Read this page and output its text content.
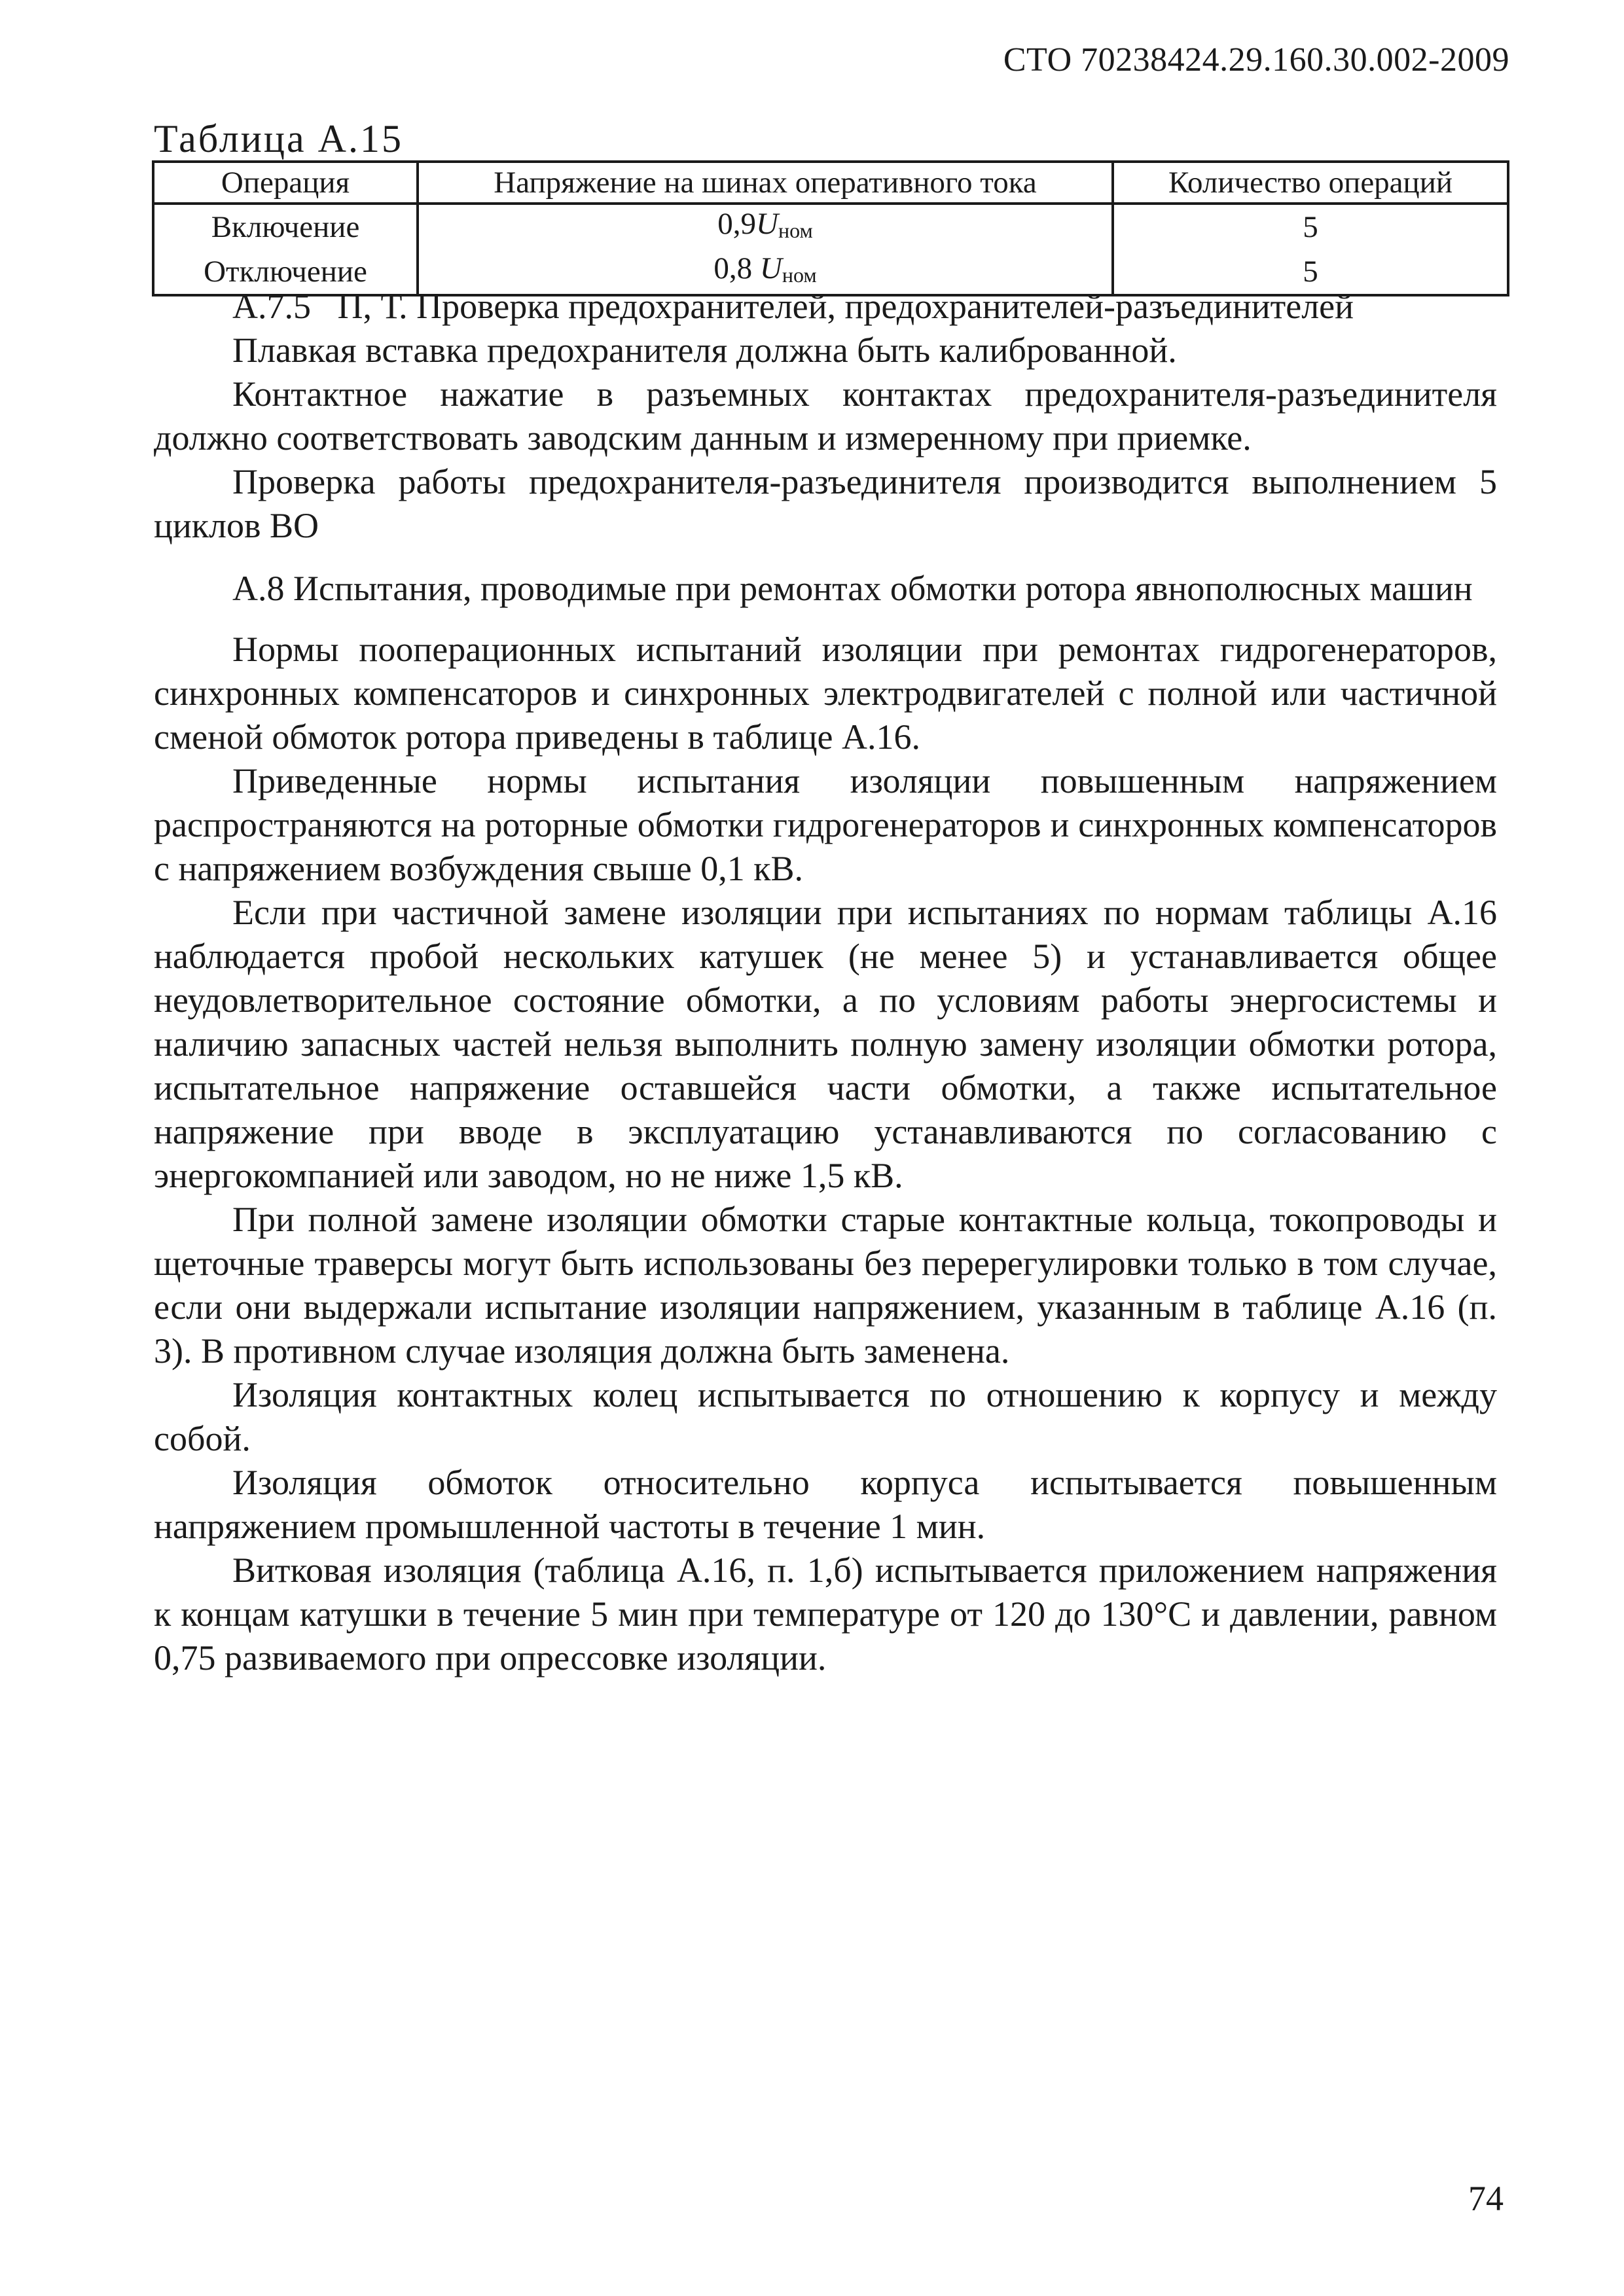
СТО 70238424.29.160.30.002-2009
Таблица А.15
Операция	Напряжение на шинах оперативного тока	Количество операций
Включение	0,9Uном	5
Отключение	0,8 Uном	5

А.7.5   П, Т. Проверка предохранителей, предохранителей-разъединителей

Плавкая вставка предохранителя должна быть калиброванной.

Контактное нажатие в разъемных контактах предохранителя-разъединителя должно соответствовать заводским данным и измеренному при приемке.

Проверка работы предохранителя-разъединителя производится выполнением 5 циклов ВО

А.8 Испытания, проводимые при ремонтах обмотки ротора явнополюсных машин

Нормы пооперационных испытаний изоляции при ремонтах гидрогенераторов, синхронных компенсаторов и синхронных электродвигателей с полной или частичной сменой обмоток ротора приведены в таблице А.16.

Приведенные нормы испытания изоляции повышенным напряжением распространяются на роторные обмотки гидрогенераторов и синхронных компенсаторов с напряжением возбуждения свыше 0,1 кВ.

Если при частичной замене изоляции при испытаниях по нормам таблицы А.16 наблюдается пробой нескольких катушек (не менее 5) и устанавливается общее неудовлетворительное состояние обмотки, а по условиям работы энергосистемы и наличию запасных частей нельзя выполнить полную замену изоляции обмотки ротора, испытательное напряжение оставшейся части обмотки, а также испытательное напряжение при вводе в эксплуатацию устанавливаются по согласованию с энергокомпанией или заводом, но не ниже 1,5 кВ.

При полной замене изоляции обмотки старые контактные кольца, токопроводы и щеточные траверсы могут быть использованы без перерегулировки только в том случае, если они выдержали испытание изоляции напряжением, указанным в таблице А.16 (п. 3). В противном случае изоляция должна быть заменена.

Изоляция контактных колец испытывается по отношению к корпусу и между собой.

Изоляция обмоток относительно корпуса испытывается повышенным напряжением промышленной частоты в течение 1 мин.

Витковая изоляция (таблица А.16, п. 1,б) испытывается приложением напряжения к концам катушки в течение 5 мин при температуре от 120 до 130°С и давлении, равном 0,75 развиваемого при опрессовке изоляции.

74
